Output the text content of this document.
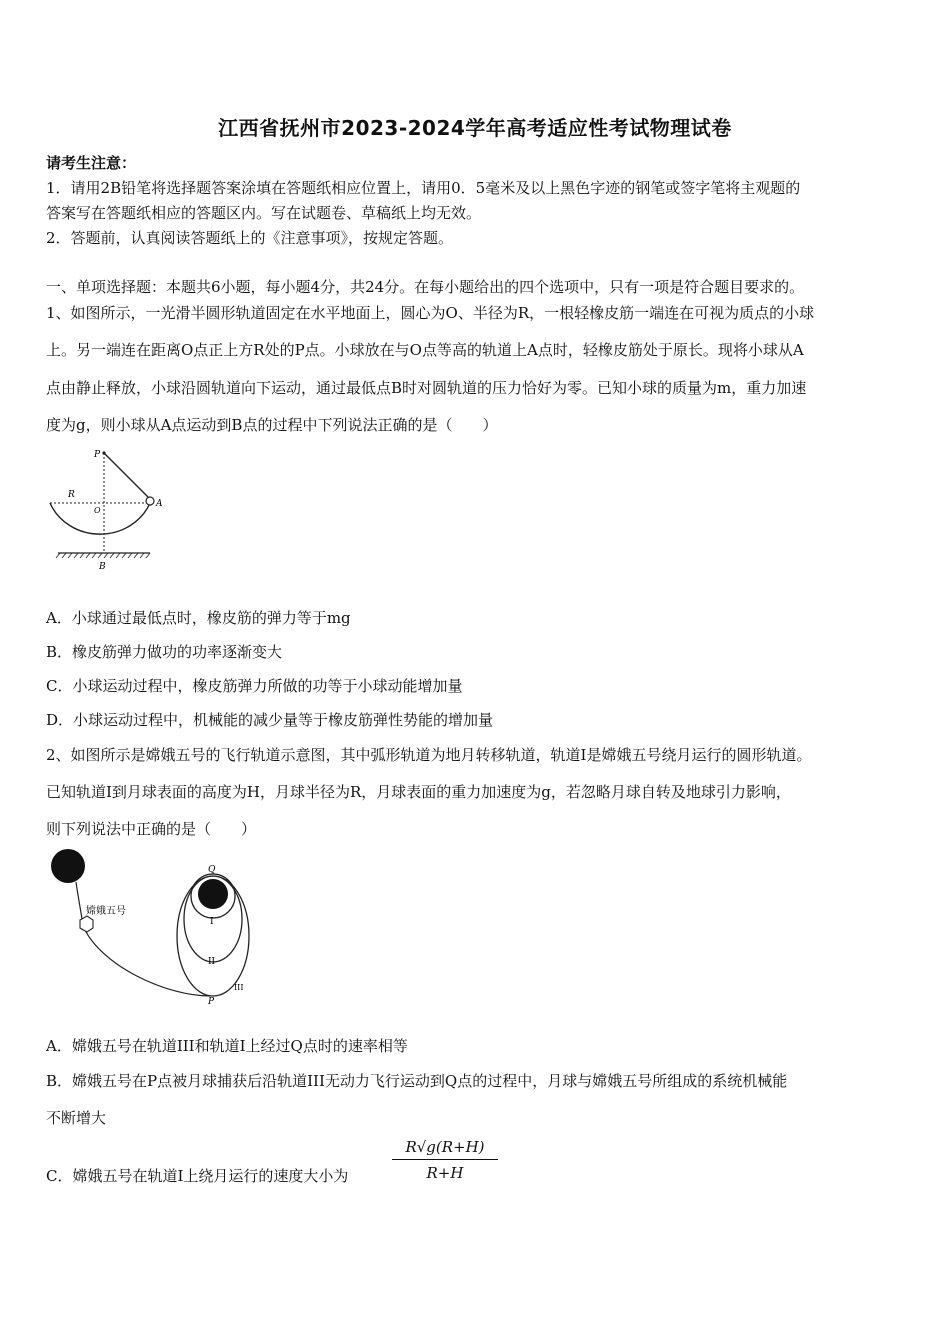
江西省抚州市2023-2024学年高考适应性考试物理试卷
请考生注意：
1．请用2B铅笔将选择题答案涂填在答题纸相应位置上，请用0．5毫米及以上黑色字迹的钢笔或签字笔将主观题的
答案写在答题纸相应的答题区内。写在试题卷、草稿纸上均无效。
2．答题前，认真阅读答题纸上的《注意事项》，按规定答题。
一、单项选择题：本题共6小题，每小题4分，共24分。在每小题给出的四个选项中，只有一项是符合题目要求的。
1、如图所示，一光滑半圆形轨道固定在水平地面上，圆心为O、半径为R，一根轻橡皮筋一端连在可视为质点的小球
上。另一端连在距离O点正上方R处的P点。小球放在与O点等高的轨道上A点时，轻橡皮筋处于原长。现将小球从A
点由静止释放，小球沿圆轨道向下运动，通过最低点B时对圆轨道的压力恰好为零。已知小球的质量为m，重力加速
度为g，则小球从A点运动到B点的过程中下列说法正确的是（　　）
P
R
O
A
B
A．小球通过最低点时，橡皮筋的弹力等于mg
B．橡皮筋弹力做功的功率逐渐变大
C．小球运动过程中，橡皮筋弹力所做的功等于小球动能增加量
D．小球运动过程中，机械能的减少量等于橡皮筋弹性势能的增加量
2、如图所示是嫦娥五号的飞行轨道示意图，其中弧形轨道为地月转移轨道，轨道I是嫦娥五号绕月运行的圆形轨道。
已知轨道I到月球表面的高度为H，月球半径为R，月球表面的重力加速度为g，若忽略月球自转及地球引力影响，
则下列说法中正确的是（　　）
嫦娥五号
Q
I
II
III
P
A．嫦娥五号在轨道III和轨道I上经过Q点时的速率相等
B．嫦娥五号在P点被月球捕获后沿轨道III无动力飞行运动到Q点的过程中，月球与嫦娥五号所组成的系统机械能
不断增大
C．嫦娥五号在轨道I上绕月运行的速度大小为	$\frac{R√g(R+H)}{R+H}$
